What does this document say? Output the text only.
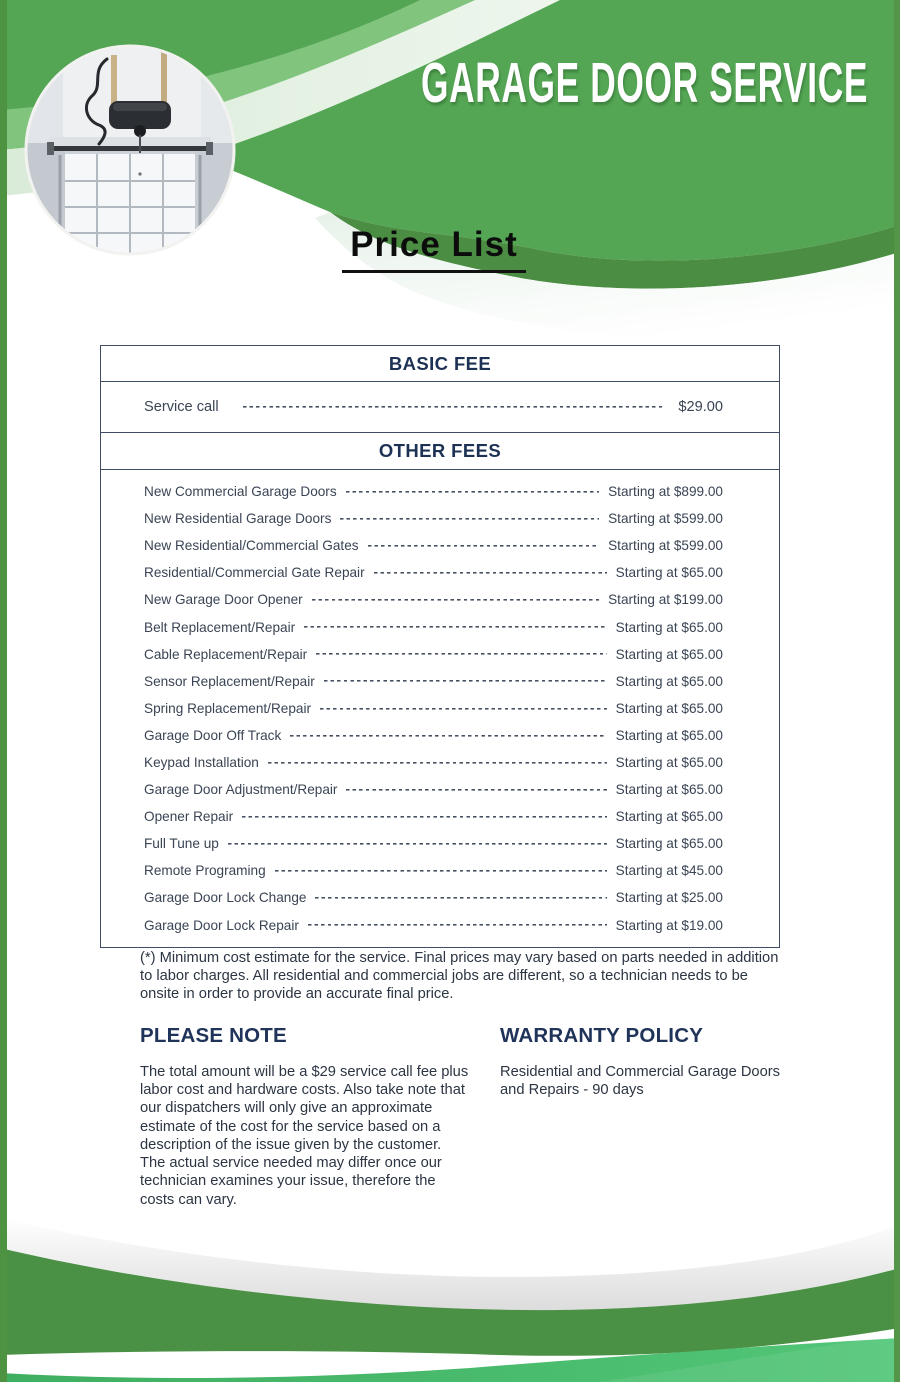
GARAGE DOOR SERVICE
Price List
BASIC FEE
Service call	$29.00
OTHER FEES
New Commercial Garage Doors	Starting at $899.00
New Residential Garage Doors	Starting at $599.00
New Residential/Commercial Gates	Starting at $599.00
Residential/Commercial Gate Repair	Starting at $65.00
New Garage Door Opener	Starting at $199.00
Belt Replacement/Repair	Starting at $65.00
Cable Replacement/Repair	Starting at $65.00
Sensor Replacement/Repair	Starting at $65.00
Spring Replacement/Repair	Starting at $65.00
Garage Door Off Track	Starting at $65.00
Keypad Installation	Starting at $65.00
Garage Door Adjustment/Repair	Starting at $65.00
Opener Repair	Starting at $65.00
Full Tune up	Starting at $65.00
Remote Programing	Starting at $45.00
Garage Door Lock Change	Starting at $25.00
Garage Door Lock Repair	Starting at $19.00

(*) Minimum cost estimate for the service. Final prices may vary based on parts needed in addition to labor charges. All residential and commercial jobs are different, so a technician needs to be onsite in order to provide an accurate final price.

PLEASE NOTE

The total amount will be a $29 service call fee plus labor cost and hardware costs. Also take note that our dispatchers will only give an approximate estimate of the cost for the service based on a description of the issue given by the customer. The actual service needed may differ once our technician examines your issue, therefore the costs can vary.

WARRANTY POLICY

Residential and Commercial Garage Doors and Repairs - 90 days
